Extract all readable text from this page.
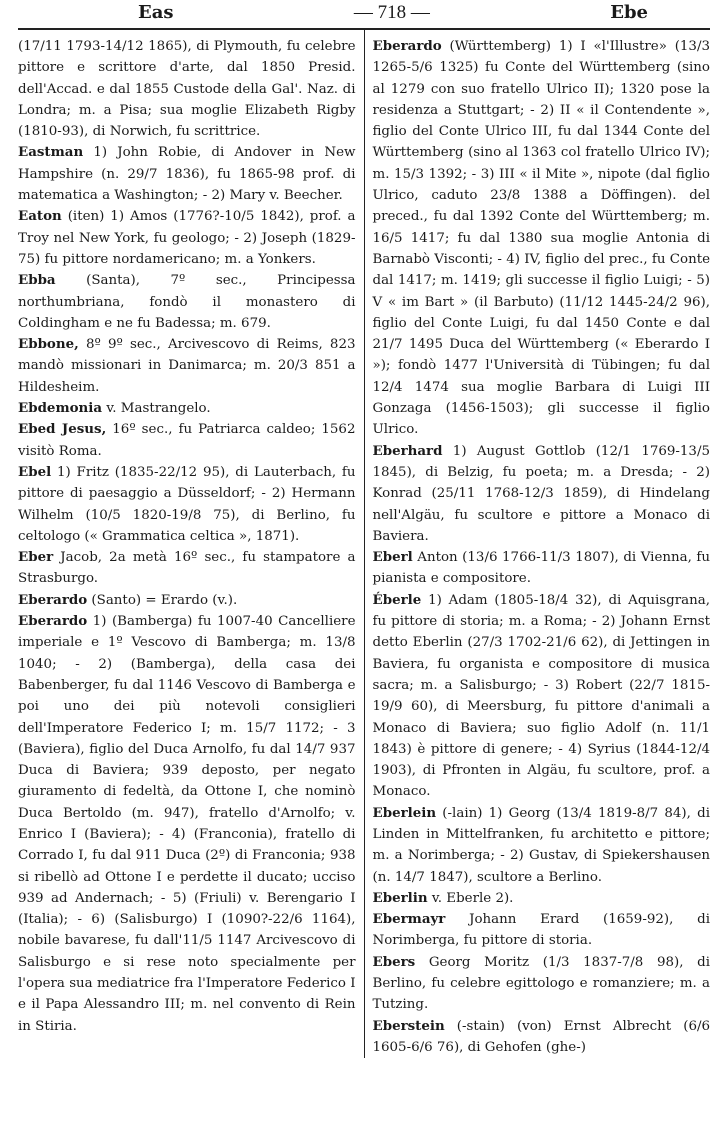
Eas	— 718 —	Ebe

(17/11 1793-14/12 1865), di Plymouth, fu celebre pittore e scrittore d'arte, dal 1850 Presid. dell'Accad. e dal 1855 Custode della Gal'. Naz. di Londra; m. a Pisa; sua moglie Elizabeth Rigby (1810-93), di Norwich, fu scrittrice.

Eastman 1) John Robie, di Andover in New Hampshire (n. 29/7 1836), fu 1865-98 prof. di matematica a Washington; - 2) Mary v. Beecher.

Eaton (iten) 1) Amos (1776?-10/5 1842), prof. a Troy nel New York, fu geologo; - 2) Joseph (1829-75) fu pittore nordamericano; m. a Yonkers.

Ebba (Santa), 7º sec., Principessa northumbriana, fondò il monastero di Coldingham e ne fu Badessa; m. 679.

Ebbone, 8º 9º sec., Arcivescovo di Reims, 823 mandò missionari in Danimarca; m. 20/3 851 a Hildesheim.

Ebdemonia v. Mastrangelo.

Ebed Jesus, 16º sec., fu Patriarca caldeo; 1562 visitò Roma.

Ebel 1) Fritz (1835-22/12 95), di Lauterbach, fu pittore di paesaggio a Düsseldorf; - 2) Hermann Wilhelm (10/5 1820-19/8 75), di Berlino, fu celtologo (« Grammatica celtica », 1871).

Eber Jacob, 2a metà 16º sec., fu stampatore a Strasburgo.

Eberardo (Santo) = Erardo (v.).

Eberardo 1) (Bamberga) fu 1007-40 Cancelliere imperiale e 1º Vescovo di Bamberga; m. 13/8 1040; - 2) (Bamberga), della casa dei Babenberger, fu dal 1146 Vescovo di Bamberga e poi uno dei più notevoli consiglieri dell'Imperatore Federico I; m. 15/7 1172; - 3 (Baviera), figlio del Duca Arnolfo, fu dal 14/7 937 Duca di Baviera; 939 deposto, per negato giuramento di fedeltà, da Ottone I, che nominò Duca Bertoldo (m. 947), fratello d'Arnolfo; v. Enrico I (Baviera); - 4) (Franconia), fratello di Corrado I, fu dal 911 Duca (2º) di Franconia; 938 si ribellò ad Ottone I e perdette il ducato; ucciso 939 ad Andernach; - 5) (Friuli) v. Berengario I (Italia); - 6) (Salisburgo) I (1090?-22/6 1164), nobile bavarese, fu dall'11/5 1147 Arcivescovo di Salisburgo e si rese noto specialmente per l'opera sua mediatrice fra l'Imperatore Federico I e il Papa Alessandro III; m. nel convento di Rein in Stiria.

Eberardo (Württemberg) 1) I «l'Illustre» (13/3 1265-5/6 1325) fu Conte del Württemberg (sino al 1279 con suo fratello Ulrico II); 1320 pose la residenza a Stuttgart; - 2) II « il Contendente », figlio del Conte Ulrico III, fu dal 1344 Conte del Württemberg (sino al 1363 col fratello Ulrico IV); m. 15/3 1392; - 3) III « il Mite », nipote (dal figlio Ulrico, caduto 23/8 1388 a Döffingen). del preced., fu dal 1392 Conte del Württemberg; m. 16/5 1417; fu dal 1380 sua moglie Antonia di Barnabò Visconti; - 4) IV, figlio del prec., fu Conte dal 1417; m. 1419; gli successe il figlio Luigi; - 5) V « im Bart » (il Barbuto) (11/12 1445-24/2 96), figlio del Conte Luigi, fu dal 1450 Conte e dal 21/7 1495 Duca del Württemberg (« Eberardo I »); fondò 1477 l'Università di Tübingen; fu dal 12/4 1474 sua moglie Barbara di Luigi III Gonzaga (1456-1503); gli successe il figlio Ulrico.

Eberhard 1) August Gottlob (12/1 1769-13/5 1845), di Belzig, fu poeta; m. a Dresda; - 2) Konrad (25/11 1768-12/3 1859), di Hindelang nell'Algäu, fu scultore e pittore a Monaco di Baviera.

Eberl Anton (13/6 1766-11/3 1807), di Vienna, fu pianista e compositore.

Éberle 1) Adam (1805-18/4 32), di Aquisgrana, fu pittore di storia; m. a Roma; - 2) Johann Ernst detto Eberlin (27/3 1702-21/6 62), di Jettingen in Baviera, fu organista e compositore di musica sacra; m. a Salisburgo; - 3) Robert (22/7 1815-19/9 60), di Meersburg, fu pittore d'animali a Monaco di Baviera; suo figlio Adolf (n. 11/1 1843) è pittore di genere; - 4) Syrius (1844-12/4 1903), di Pfronten in Algäu, fu scultore, prof. a Monaco.

Eberlein (-lain) 1) Georg (13/4 1819-8/7 84), di Linden in Mittelfranken, fu architetto e pittore; m. a Norimberga; - 2) Gustav, di Spiekershausen (n. 14/7 1847), scultore a Berlino.

Eberlin v. Eberle 2).

Ebermayr Johann Erard (1659-92), di Norimberga, fu pittore di storia.

Ebers Georg Moritz (1/3 1837-7/8 98), di Berlino, fu celebre egittologo e romanziere; m. a Tutzing.

Eberstein (-stain) (von) Ernst Albrecht (6/6 1605-6/6 76), di Gehofen (ghe-)
